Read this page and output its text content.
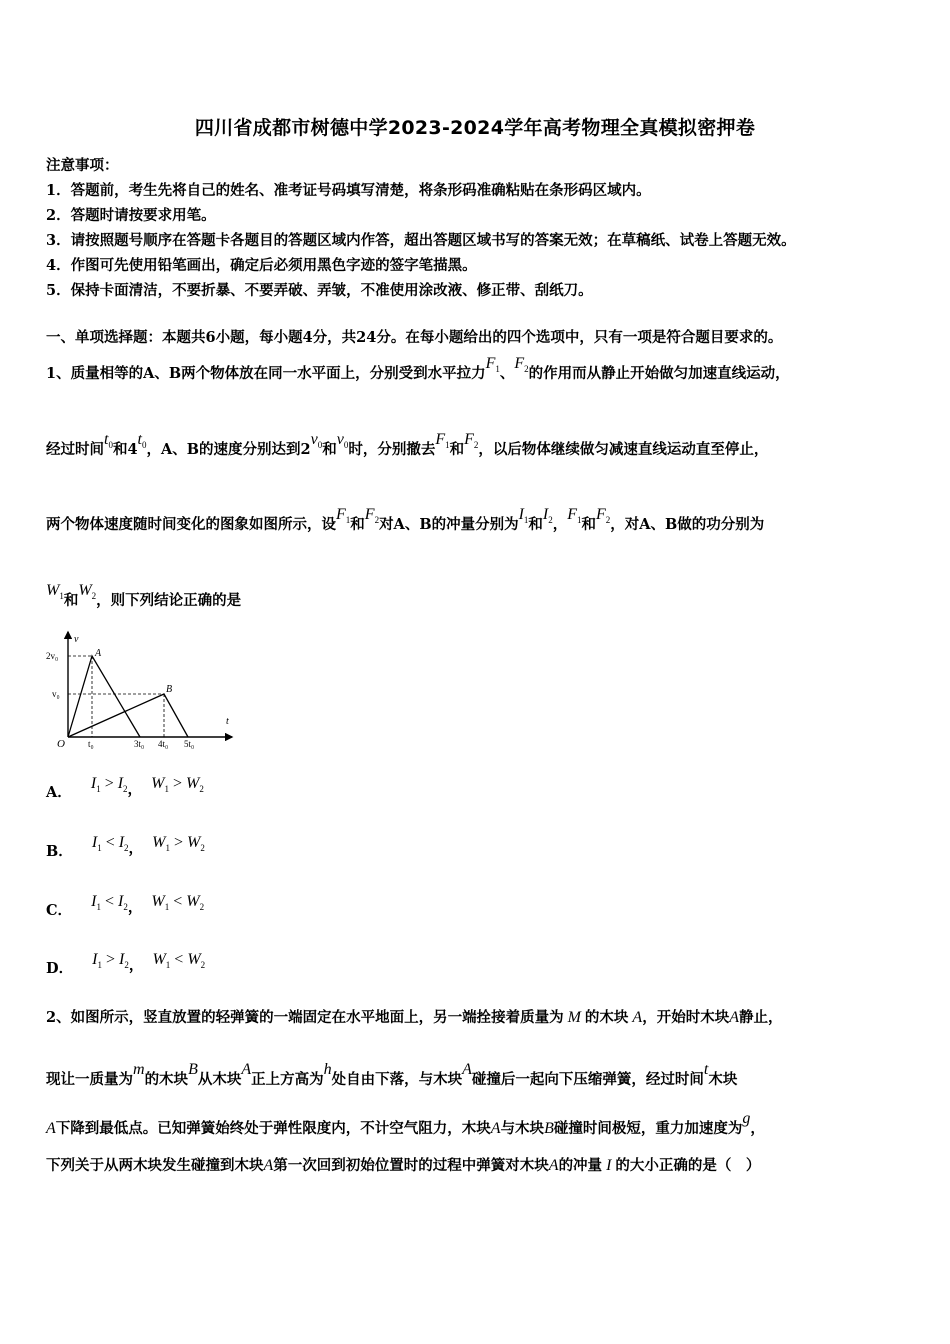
四川省成都市树德中学2023-2024学年高考物理全真模拟密押卷
注意事项：
1．答题前，考生先将自己的姓名、准考证号码填写清楚，将条形码准确粘贴在条形码区域内。
2．答题时请按要求用笔。
3．请按照题号顺序在答题卡各题目的答题区域内作答，超出答题区域书写的答案无效；在草稿纸、试卷上答题无效。
4．作图可先使用铅笔画出，确定后必须用黑色字迹的签字笔描黑。
5．保持卡面清洁，不要折暴、不要弄破、弄皱，不准使用涂改液、修正带、刮纸刀。
一、单项选择题：本题共6小题，每小题4分，共24分。在每小题给出的四个选项中，只有一项是符合题目要求的。
1、质量相等的A、B两个物体放在同一水平面上，分别受到水平拉力$F_1$、$F_2$的作用而从静止开始做匀加速直线运动，
经过时间$t_0$和$4t_0$，A、B的速度分别达到$2v_0$和$v_0$时，分别撤去$F_1$和$F_2$，以后物体继续做匀减速直线运动直至停止，
两个物体速度随时间变化的图象如图所示，设$F_1$和$F_2$对A、B的冲量分别为$I_1$和$I_2$，$F_1$和$F_2$，对A、B做的功分别为
$W_1$和$W_2$，则下列结论正确的是
v
t
O
2v₀
v₀
t₀	3t₀ 4t₀ 5t₀
A
B
A． $I_1 > I_2$， $W_1 > W_2$
B． $I_1 < I_2$， $W_1 > W_2$
C． $I_1 < I_2$， $W_1 < W_2$
D． $I_1 > I_2$， $W_1 < W_2$
2、如图所示，竖直放置的轻弹簧的一端固定在水平地面上，另一端拴接着质量为 M 的木块 A，开始时木块A静止，
现让一质量为m的木块B从木块A正上方高为h处自由下落，与木块A碰撞后一起向下压缩弹簧，经过时间t木块
A下降到最低点。已知弹簧始终处于弹性限度内，不计空气阻力，木块A与木块B碰撞时间极短，重力加速度为g，
下列关于从两木块发生碰撞到木块A第一次回到初始位置时的过程中弹簧对木块A的冲量 I 的大小正确的是（　）
